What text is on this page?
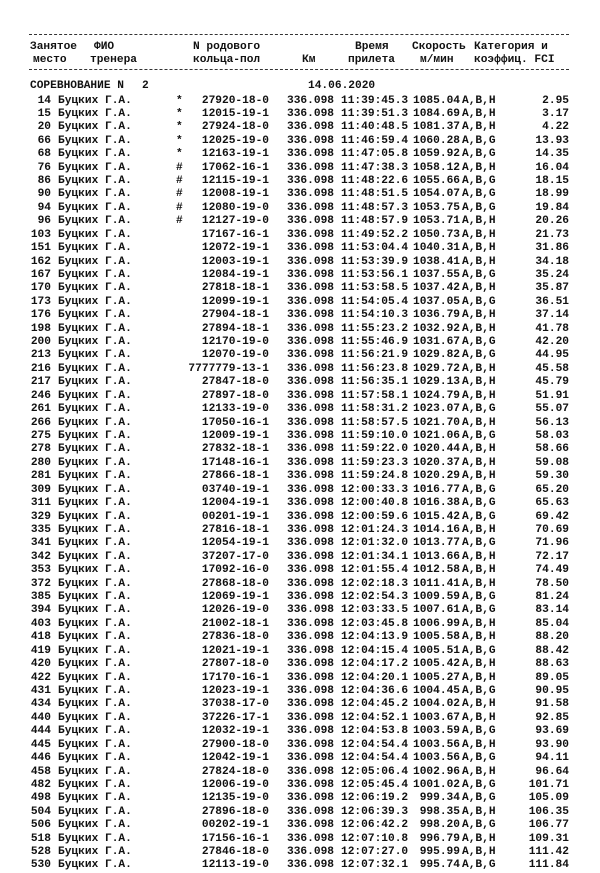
Занятое ФИО	N родового	Время Скорость Категория и
место тренера	кольца-пол	Км	прилета м/мин коэффиц. FCI
СОРЕВНОВАНИЕ N 2	14.06.2020
14 Буцких Г.А.	*	27920-18-0 336.098 11:39:45.3 1085.04 A,B,H	2.95
15 Буцких Г.А.	*	12015-19-1 336.098 11:39:51.3 1084.69 A,B,H	3.17
20 Буцких Г.А.	*	27924-18-0 336.098 11:40:48.5 1081.37 A,B,H	4.22
66 Буцких Г.А.	*	12025-19-0 336.098 11:46:59.4 1060.28 A,B,G	13.93
68 Буцких Г.А.	*	12163-19-1 336.098 11:47:05.8 1059.92 A,B,G	14.35
76 Буцких Г.А.	#	17062-16-1 336.098 11:47:38.3 1058.12 A,B,H	16.04
86 Буцких Г.А.	#	12115-19-1 336.098 11:48:22.6 1055.66 A,B,G	18.15
90 Буцких Г.А.	#	12008-19-1 336.098 11:48:51.5 1054.07 A,B,G	18.99
94 Буцких Г.А.	#	12080-19-0 336.098 11:48:57.3 1053.75 A,B,G	19.84
96 Буцких Г.А.	#	12127-19-0 336.098 11:48:57.9 1053.71 A,B,H	20.26
103 Буцких Г.А.	17167-16-1 336.098 11:49:52.2 1050.73 A,B,H	21.73
151 Буцких Г.А.	12072-19-1 336.098 11:53:04.4 1040.31 A,B,H	31.86
162 Буцких Г.А.	12003-19-1 336.098 11:53:39.9 1038.41 A,B,H	34.18
167 Буцких Г.А.	12084-19-1 336.098 11:53:56.1 1037.55 A,B,G	35.24
170 Буцких Г.А.	27818-18-1 336.098 11:53:58.5 1037.42 A,B,H	35.87
173 Буцких Г.А.	12099-19-1 336.098 11:54:05.4 1037.05 A,B,G	36.51
176 Буцких Г.А.	27904-18-1 336.098 11:54:10.3 1036.79 A,B,H	37.14
198 Буцких Г.А.	27894-18-1 336.098 11:55:23.2 1032.92 A,B,H	41.78
200 Буцких Г.А.	12170-19-0 336.098 11:55:46.9 1031.67 A,B,G	42.20
213 Буцких Г.А.	12070-19-0 336.098 11:56:21.9 1029.82 A,B,G	44.95
216 Буцких Г.А.	7777779-13-1 336.098 11:56:23.8 1029.72 A,B,H	45.58
217 Буцких Г.А.	27847-18-0 336.098 11:56:35.1 1029.13 A,B,H	45.79
246 Буцких Г.А.	27897-18-0 336.098 11:57:58.1 1024.79 A,B,H	51.91
261 Буцких Г.А.	12133-19-0 336.098 11:58:31.2 1023.07 A,B,G	55.07
266 Буцких Г.А.	17050-16-1 336.098 11:58:57.5 1021.70 A,B,H	56.13
275 Буцких Г.А.	12009-19-1 336.098 11:59:10.0 1021.06 A,B,G	58.03
278 Буцких Г.А.	27832-18-1 336.098 11:59:22.0 1020.44 A,B,H	58.66
280 Буцких Г.А.	17148-16-1 336.098 11:59:23.3 1020.37 A,B,H	59.08
281 Буцких Г.А.	27866-18-1 336.098 11:59:24.8 1020.29 A,B,H	59.30
309 Буцких Г.А.	03740-19-1 336.098 12:00:33.3 1016.77 A,B,G	65.20
311 Буцких Г.А.	12004-19-1 336.098 12:00:40.8 1016.38 A,B,G	65.63
329 Буцких Г.А.	00201-19-1 336.098 12:00:59.6 1015.42 A,B,G	69.42
335 Буцких Г.А.	27816-18-1 336.098 12:01:24.3 1014.16 A,B,H	70.69
341 Буцких Г.А.	12054-19-1 336.098 12:01:32.0 1013.77 A,B,G	71.96
342 Буцких Г.А.	37207-17-0 336.098 12:01:34.1 1013.66 A,B,H	72.17
353 Буцких Г.А.	17092-16-0 336.098 12:01:55.4 1012.58 A,B,H	74.49
372 Буцких Г.А.	27868-18-0 336.098 12:02:18.3 1011.41 A,B,H	78.50
385 Буцких Г.А.	12069-19-1 336.098 12:02:54.3 1009.59 A,B,G	81.24
394 Буцких Г.А.	12026-19-0 336.098 12:03:33.5 1007.61 A,B,G	83.14
403 Буцких Г.А.	21002-18-1 336.098 12:03:45.8 1006.99 A,B,H	85.04
418 Буцких Г.А.	27836-18-0 336.098 12:04:13.9 1005.58 A,B,H	88.20
419 Буцких Г.А.	12021-19-1 336.098 12:04:15.4 1005.51 A,B,G	88.42
420 Буцких Г.А.	27807-18-0 336.098 12:04:17.2 1005.42 A,B,H	88.63
422 Буцких Г.А.	17170-16-1 336.098 12:04:20.1 1005.27 A,B,H	89.05
431 Буцких Г.А.	12023-19-1 336.098 12:04:36.6 1004.45 A,B,G	90.95
434 Буцких Г.А.	37038-17-0 336.098 12:04:45.2 1004.02 A,B,H	91.58
440 Буцких Г.А.	37226-17-1 336.098 12:04:52.1 1003.67 A,B,H	92.85
444 Буцких Г.А.	12032-19-1 336.098 12:04:53.8 1003.59 A,B,G	93.69
445 Буцких Г.А.	27900-18-0 336.098 12:04:54.4 1003.56 A,B,H	93.90
446 Буцких Г.А.	12042-19-1 336.098 12:04:54.4 1003.56 A,B,G	94.11
458 Буцких Г.А.	27824-18-0 336.098 12:05:06.4 1002.96 A,B,H	96.64
482 Буцких Г.А.	12006-19-0 336.098 12:05:45.4 1001.02 A,B,G	101.71
498 Буцких Г.А.	12135-19-0 336.098 12:06:19.2	999.34 A,B,G	105.09
504 Буцких Г.А.	27896-18-0 336.098 12:06:39.3	998.35 A,B,H	106.35
506 Буцких Г.А.	00202-19-1 336.098 12:06:42.2	998.20 A,B,G	106.77
518 Буцких Г.А.	17156-16-1 336.098 12:07:10.8	996.79 A,B,H	109.31
528 Буцких Г.А.	27846-18-0 336.098 12:07:27.0	995.99 A,B,H	111.42
530 Буцких Г.А.	12113-19-0 336.098 12:07:32.1	995.74 A,B,G	111.84
